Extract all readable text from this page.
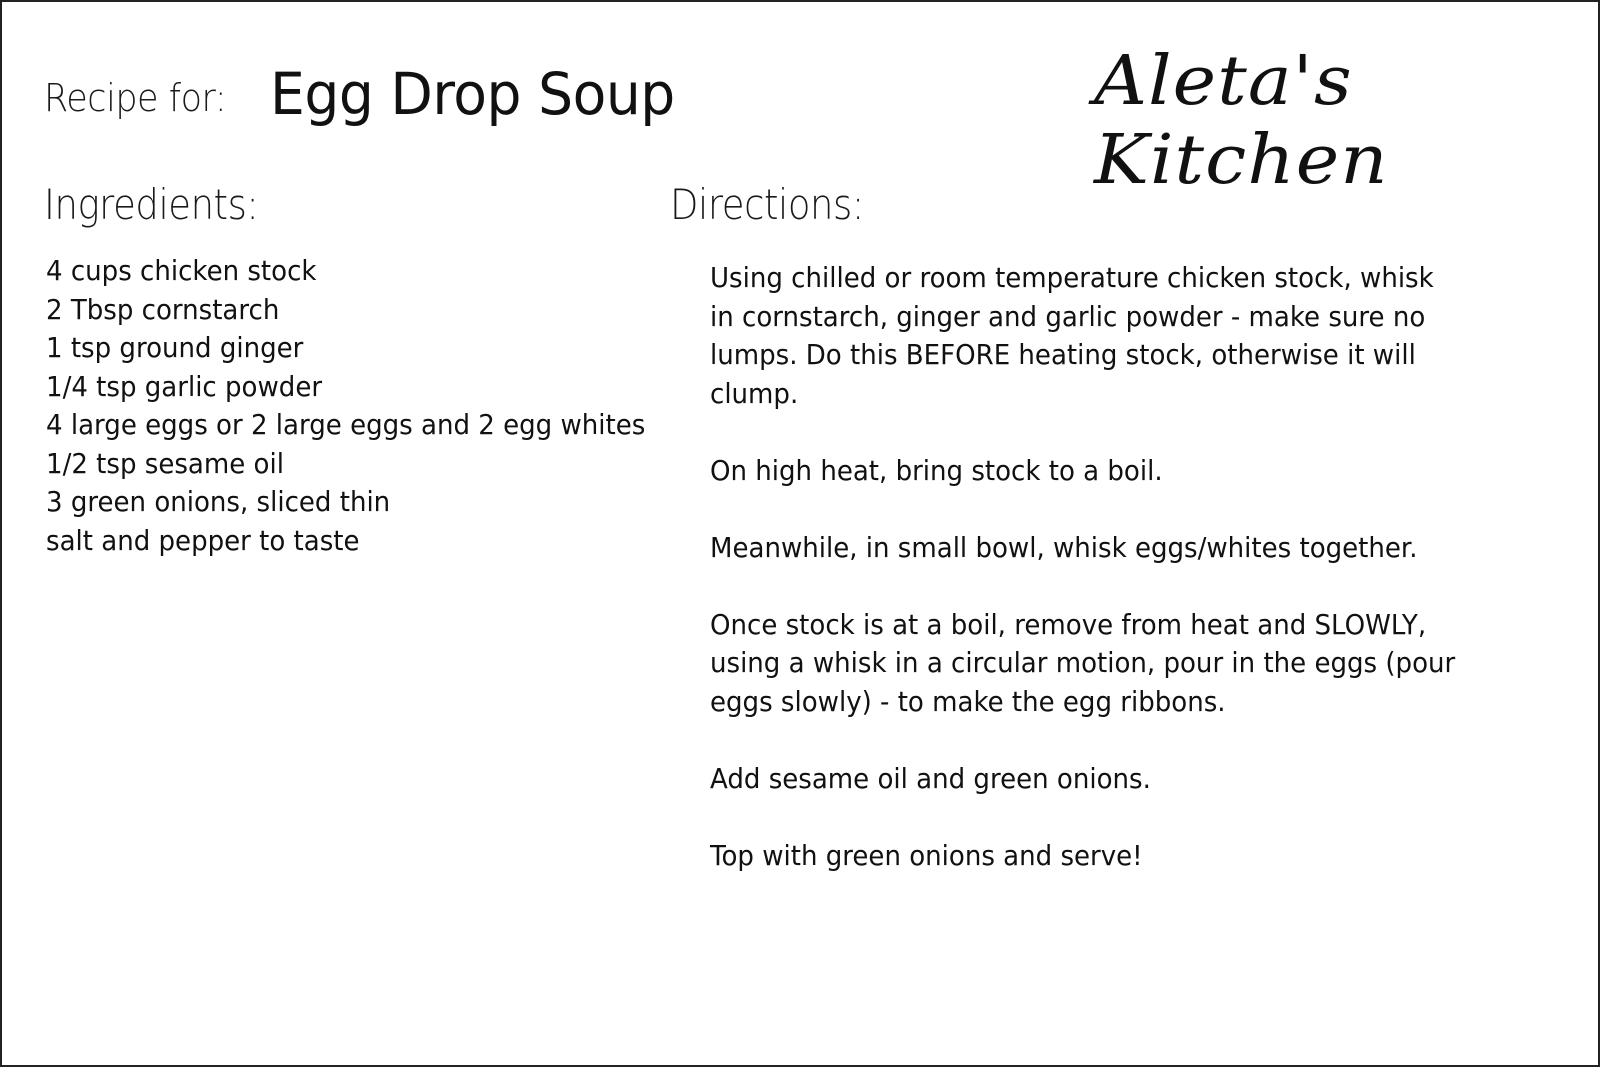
Recipe for: Egg Drop Soup	Aleta's Kitchen
Ingredients:
4 cups chicken stock
2 Tbsp cornstarch
1 tsp ground ginger
1/4 tsp garlic powder
4 large eggs or 2 large eggs and 2 egg whites
1/2 tsp sesame oil
3 green onions, sliced thin
salt and pepper to taste
Directions:

Using chilled or room temperature chicken stock, whisk in cornstarch, ginger and garlic powder - make sure no lumps. Do this BEFORE heating stock, otherwise it will clump.

On high heat, bring stock to a boil.

Meanwhile, in small bowl, whisk eggs/whites together.

Once stock is at a boil, remove from heat and SLOWLY, using a whisk in a circular motion, pour in the eggs (pour eggs slowly) - to make the egg ribbons.

Add sesame oil and green onions.

Top with green onions and serve!
